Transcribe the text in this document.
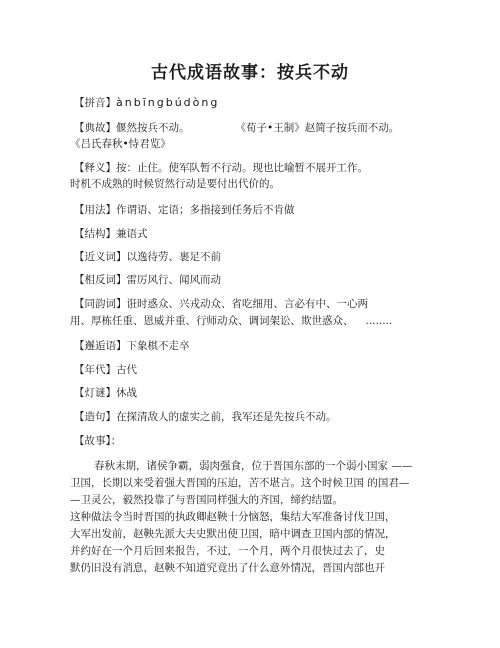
古代成语故事：按兵不动
【拼音】ànbīngbúdòng
【典故】偃然按兵不动。	《荀子•王制》赵简子按兵而不动。
《吕氏春秋•恃君览》
【释义】按：止住。使军队暂不行动。现也比喻暂不展开工作。
时机不成熟的时候贸然行动是要付出代价的。
【用法】作谓语、定语；多指接到任务后不肯做
【结构】兼语式
【近义词】以逸待劳、裹足不前
【相反词】雷厉风行、闻风而动
【同韵词】诳时惑众、兴戎动众、省吃细用、言必有中、一心两
用、厚栋任重、恩威并重、行师动众、调词架讼、欺世惑众、 ........
【邂逅语】下象棋不走卒
【年代】古代
【灯谜】休战
【造句】在探清敌人的虚实之前，我军还是先按兵不动。
【故事】：
春秋末期，诸侯争霸，弱肉强食，位于晋国东部的一个弱小国家 ——
卫国，长期以来受着强大晋国的压迫，苦不堪言。这个时候卫国 的国君—
—卫灵公，毅然投靠了与晋国同样强大的齐国，缔约结盟。
这种做法令当时晋国的执政卿赵鞅十分恼怒，集结大军准备讨伐卫国，
大军出发前，赵鞅先派大夫史默出使卫国，暗中调查卫国内部的情况，
并约好在一个月后回来报告，不过，一个月，两个月很快过去了，史
默仍旧没有消息，赵鞅不知道究竟出了什么意外情况，晋国内部也开
